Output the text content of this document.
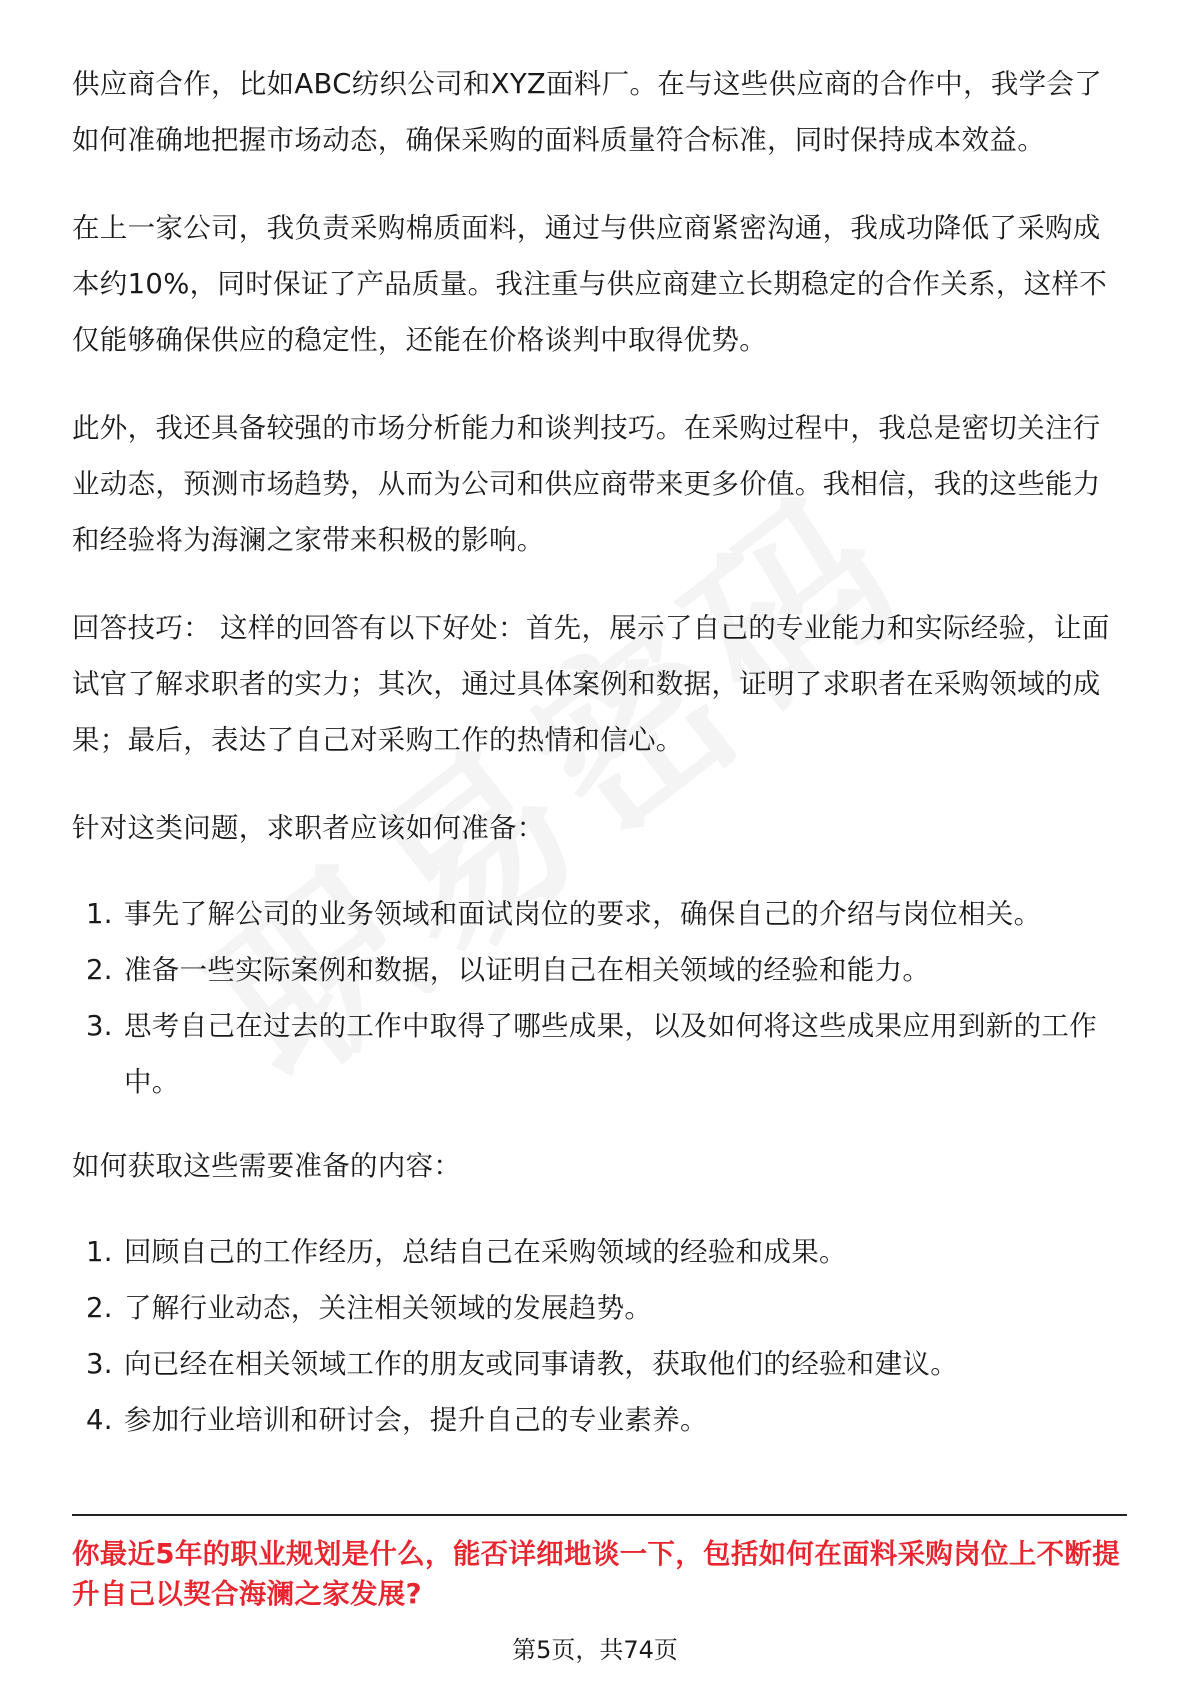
供应商合作，比如ABC纺织公司和XYZ面料厂。在与这些供应商的合作中，我学会了如何准确地把握市场动态，确保采购的面料质量符合标准，同时保持成本效益。

在上一家公司，我负责采购棉质面料，通过与供应商紧密沟通，我成功降低了采购成本约10%，同时保证了产品质量。我注重与供应商建立长期稳定的合作关系，这样不仅能够确保供应的稳定性，还能在价格谈判中取得优势。

此外，我还具备较强的市场分析能力和谈判技巧。在采购过程中，我总是密切关注行业动态，预测市场趋势，从而为公司和供应商带来更多价值。我相信，我的这些能力和经验将为海澜之家带来积极的影响。

回答技巧： 这样的回答有以下好处：首先，展示了自己的专业能力和实际经验，让面试官了解求职者的实力；其次，通过具体案例和数据，证明了求职者在采购领域的成果；最后，表达了自己对采购工作的热情和信心。

针对这类问题，求职者应该如何准备：

1. 事先了解公司的业务领域和面试岗位的要求，确保自己的介绍与岗位相关。
2. 准备一些实际案例和数据，以证明自己在相关领域的经验和能力。
3. 思考自己在过去的工作中取得了哪些成果，以及如何将这些成果应用到新的工作中。

如何获取这些需要准备的内容：

1. 回顾自己的工作经历，总结自己在采购领域的经验和成果。
2. 了解行业动态，关注相关领域的发展趋势。
3. 向已经在相关领域工作的朋友或同事请教，获取他们的经验和建议。
4. 参加行业培训和研讨会，提升自己的专业素养。
你最近5年的职业规划是什么，能否详细地谈一下，包括如何在面料采购岗位上不断提升自己以契合海澜之家发展?
第5页，共74页
